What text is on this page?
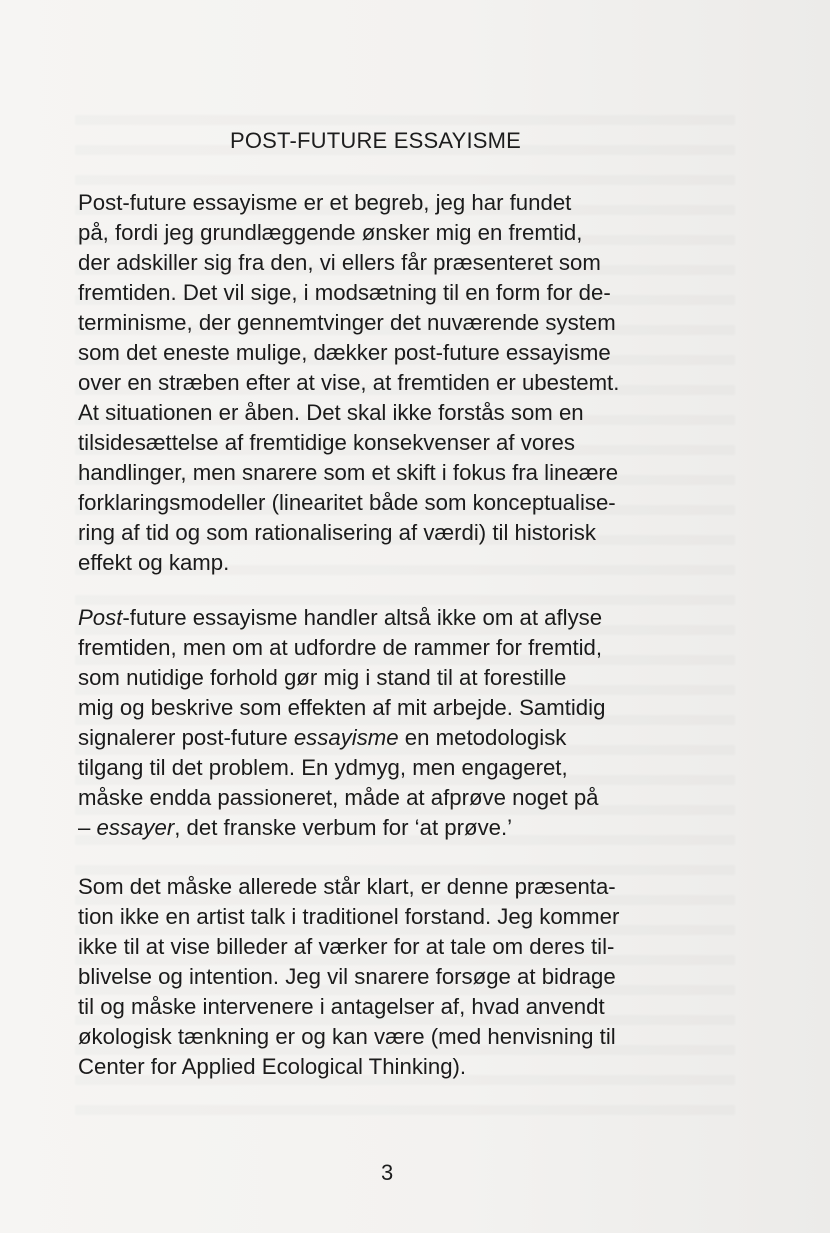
POST-FUTURE ESSAYISME
Post-future essayisme er et begreb, jeg har fundet
på, fordi jeg grundlæggende ønsker mig en fremtid,
der adskiller sig fra den, vi ellers får præsenteret som
fremtiden. Det vil sige, i modsætning til en form for de-
terminisme, der gennemtvinger det nuværende system
som det eneste mulige, dækker post-future essayisme
over en stræben efter at vise, at fremtiden er ubestemt.
At situationen er åben. Det skal ikke forstås som en
tilsidesættelse af fremtidige konsekvenser af vores
handlinger, men snarere som et skift i fokus fra lineære
forklaringsmodeller (linearitet både som konceptualise-
ring af tid og som rationalisering af værdi) til historisk
effekt og kamp.
Post-future essayisme handler altså ikke om at aflyse
fremtiden, men om at udfordre de rammer for fremtid,
som nutidige forhold gør mig i stand til at forestille
mig og beskrive som effekten af mit arbejde. Samtidig
signalerer post-future essayisme en metodologisk
tilgang til det problem. En ydmyg, men engageret,
måske endda passioneret, måde at afprøve noget på
– essayer, det franske verbum for ‘at prøve.’
Som det måske allerede står klart, er denne præsenta-
tion ikke en artist talk i traditionel forstand. Jeg kommer
ikke til at vise billeder af værker for at tale om deres til-
blivelse og intention. Jeg vil snarere forsøge at bidrage
til og måske intervenere i antagelser af, hvad anvendt
økologisk tænkning er og kan være (med henvisning til
Center for Applied Ecological Thinking).
3
